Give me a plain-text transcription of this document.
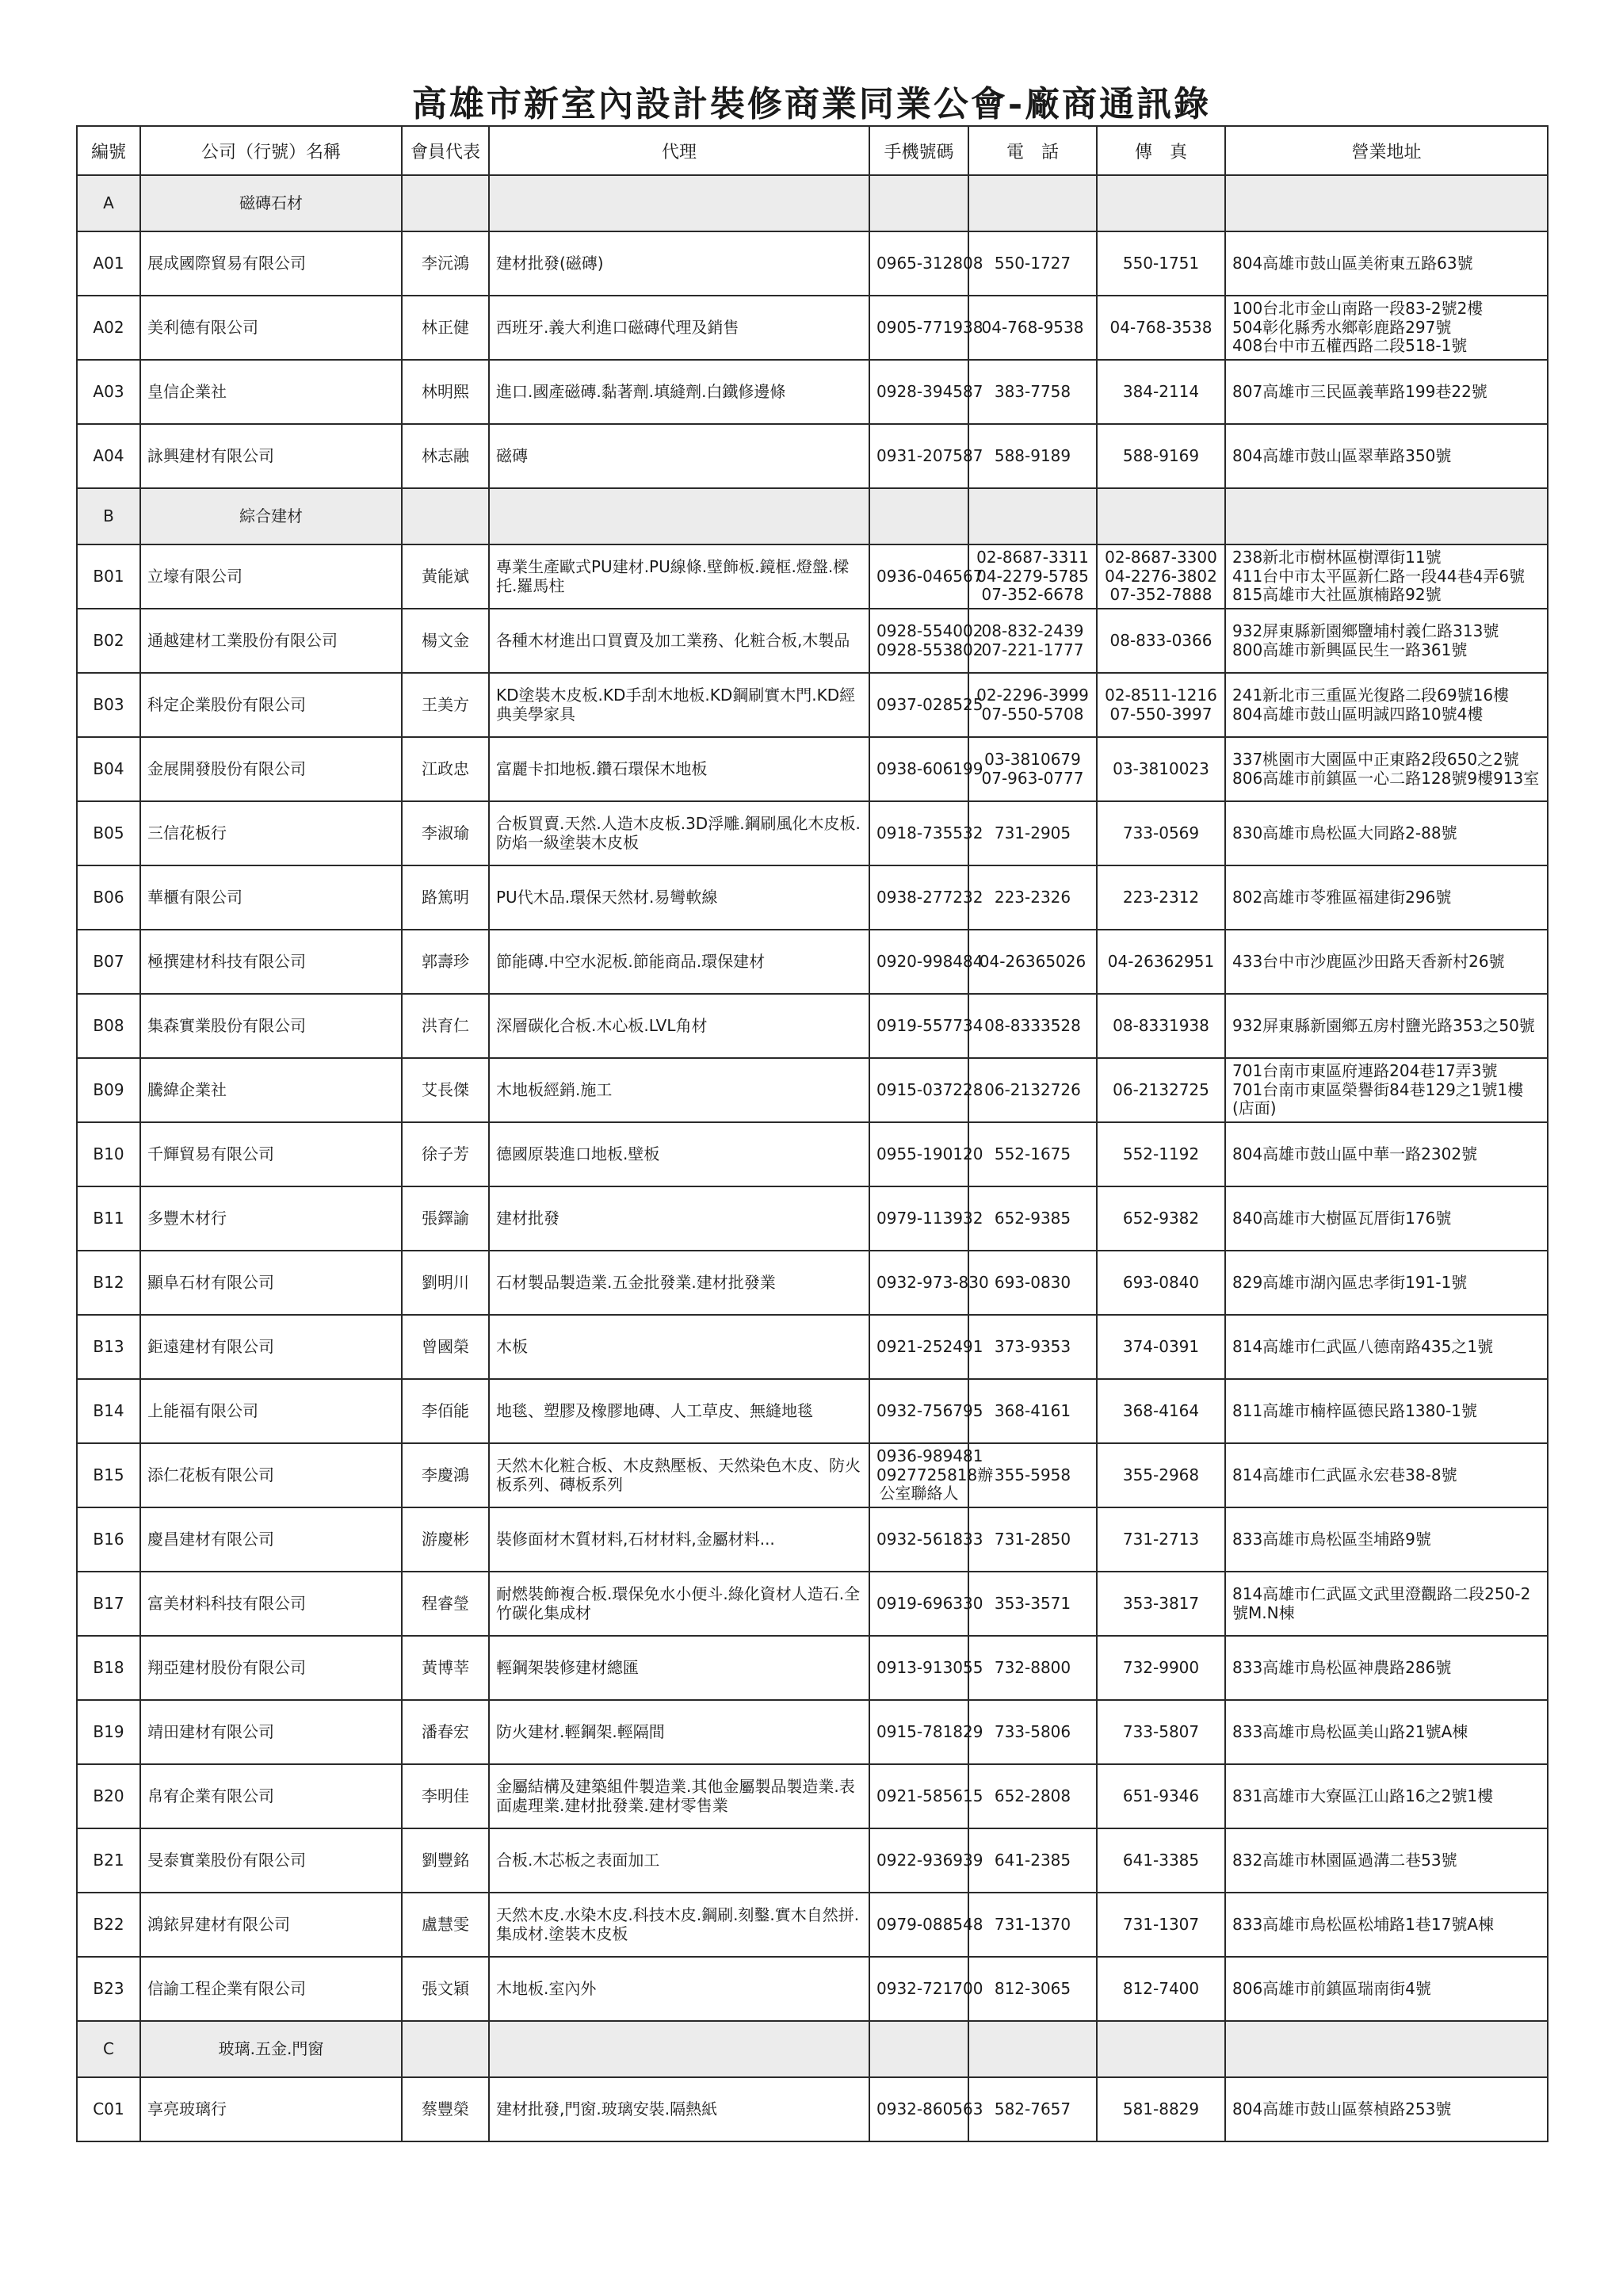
高雄市新室內設計裝修商業同業公會-廠商通訊錄
編號	公司（行號）名稱	會員代表	代理	手機號碼	電　話	傳　真	營業地址
A	磁磚石材						
A01	展成國際貿易有限公司	李沅鴻	建材批發(磁磚)	0965-312808	550-1727	550-1751	804高雄市鼓山區美術東五路63號

A02	美利德有限公司	林正健	西班牙.義大利進口磁磚代理及銷售	0905-771938	04-768-9538	04-768-3538	100台北市金山南路一段83-2號2樓
504彰化縣秀水鄉彰鹿路297號
408台中市五權西路二段518-1號

A03	皇信企業社	林明熙	進口.國產磁磚.黏著劑.填縫劑.白鐵修邊條	0928-394587	383-7758	384-2114	807高雄市三民區義華路199巷22號

A04	詠興建材有限公司	林志融	磁磚	0931-207587	588-9189	588-9169	804高雄市鼓山區翠華路350號

B	綜合建材						
B01	立壕有限公司	黃能斌	專業生產歐式PU建材.PU線條.壁飾板.鏡框.燈盤.樑托.羅馬柱	0936-046567	02-8687-3311
04-2279-5785
07-352-6678	02-8687-3300
04-2276-3802
07-352-7888	238新北市樹林區樹潭街11號
411台中市太平區新仁路一段44巷4弄6號
815高雄市大社區旗楠路92號

B02	通越建材工業股份有限公司	楊文金	各種木材進出口買賣及加工業務、化粧合板,木製品	0928-554002
0928-553802	08-832-2439
07-221-1777	08-833-0366	932屏東縣新園鄉鹽埔村義仁路313號
800高雄市新興區民生一路361號

B03	科定企業股份有限公司	王美方	KD塗裝木皮板.KD手刮木地板.KD鋼刷實木門.KD經典美學家具	0937-028525	02-2296-3999
07-550-5708	02-8511-1216
07-550-3997	241新北市三重區光復路二段69號16樓
804高雄市鼓山區明誠四路10號4樓

B04	金展開發股份有限公司	江政忠	富麗卡扣地板.鑽石環保木地板	0938-606199	03-3810679
07-963-0777	03-3810023	337桃園市大園區中正東路2段650之2號
806高雄市前鎮區一心二路128號9樓913室

B05	三信花板行	李淑瑜	合板買賣.天然.人造木皮板.3D浮雕.鋼刷風化木皮板.防焰一級塗裝木皮板	0918-735532	731-2905	733-0569	830高雄市鳥松區大同路2-88號

B06	華櫃有限公司	路篤明	PU代木品.環保天然材.易彎軟線	0938-277232	223-2326	223-2312	802高雄市苓雅區福建街296號

B07	極撰建材科技有限公司	郭壽珍	節能磚.中空水泥板.節能商品.環保建材	0920-998484	04-26365026	04-26362951	433台中市沙鹿區沙田路天香新村26號

B08	集森實業股份有限公司	洪育仁	深層碳化合板.木心板.LVL角材	0919-557734	08-8333528	08-8331938	932屏東縣新園鄉五房村鹽光路353之50號

B09	騰緯企業社	艾長傑	木地板經銷.施工	0915-037228	06-2132726	06-2132725	701台南市東區府連路204巷17弄3號
701台南市東區榮譽街84巷129之1號1樓(店面)

B10	千輝貿易有限公司	徐子芳	德國原裝進口地板.壁板	0955-190120	552-1675	552-1192	804高雄市鼓山區中華一路2302號

B11	多豐木材行	張鐸諭	建材批發	0979-113932	652-9385	652-9382	840高雄市大樹區瓦厝街176號

B12	顯阜石材有限公司	劉明川	石材製品製造業.五金批發業.建材批發業	0932-973-830	693-0830	693-0840	829高雄市湖內區忠孝街191-1號

B13	鉅遠建材有限公司	曾國榮	木板	0921-252491	373-9353	374-0391	814高雄市仁武區八德南路435之1號

B14	上能福有限公司	李佰能	地毯、塑膠及橡膠地磚、人工草皮、無縫地毯	0932-756795	368-4161	368-4164	811高雄市楠梓區德民路1380-1號

B15	添仁花板有限公司	李慶鴻	天然木化粧合板、木皮熱壓板、天然染色木皮、防火板系列、磚板系列	0936-989481
0927725818辦
公室聯絡人	355-5958	355-2968	814高雄市仁武區永宏巷38-8號

B16	慶昌建材有限公司	游慶彬	裝修面材木質材料,石材材料,金屬材料...	0932-561833	731-2850	731-2713	833高雄市鳥松區坔埔路9號

B17	富美材料科技有限公司	程睿瑩	耐燃裝飾複合板.環保免水小便斗.綠化資材人造石.全竹碳化集成材	0919-696330	353-3571	353-3817	814高雄市仁武區文武里澄觀路二段250-2號M.N棟

B18	翔亞建材股份有限公司	黃博莘	輕鋼架裝修建材總匯	0913-913055	732-8800	732-9900	833高雄市鳥松區神農路286號

B19	靖田建材有限公司	潘春宏	防火建材.輕鋼架.輕隔間	0915-781829	733-5806	733-5807	833高雄市鳥松區美山路21號A棟

B20	帛宥企業有限公司	李明佳	金屬結構及建築組件製造業.其他金屬製品製造業.表面處理業.建材批發業.建材零售業	0921-585615	652-2808	651-9346	831高雄市大寮區江山路16之2號1樓

B21	旻泰實業股份有限公司	劉豐銘	合板.木芯板之表面加工	0922-936939	641-2385	641-3385	832高雄市林園區過溝二巷53號

B22	鴻銥昇建材有限公司	盧慧雯	天然木皮.水染木皮.科技木皮.鋼刷.刻鑿.實木自然拼.集成材.塗裝木皮板	0979-088548	731-1370	731-1307	833高雄市鳥松區松埔路1巷17號A棟

B23	信諭工程企業有限公司	張文穎	木地板.室內外	0932-721700	812-3065	812-7400	806高雄市前鎮區瑞南街4號

C	玻璃.五金.門窗						
C01	享亮玻璃行	蔡豐榮	建材批發,門窗.玻璃安裝.隔熱紙	0932-860563	582-7657	581-8829	804高雄市鼓山區蔡楨路253號
